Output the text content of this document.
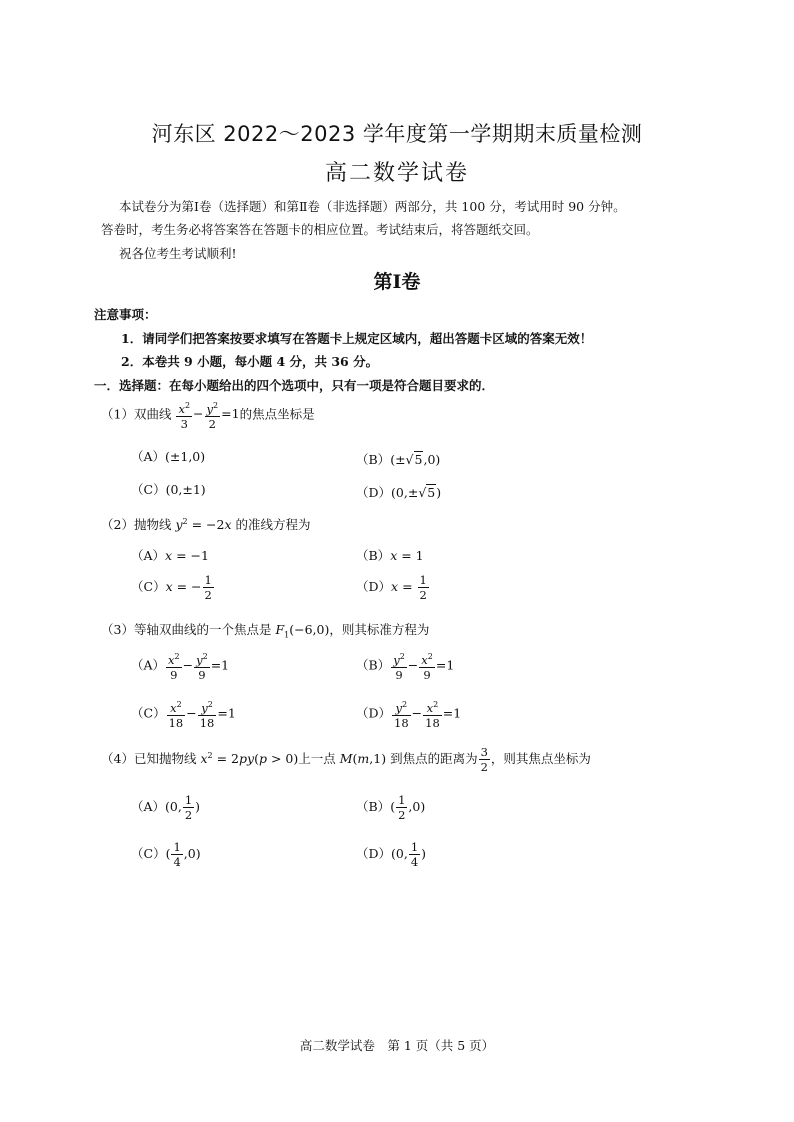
河东区 2022～2023 学年度第一学期期末质量检测
高二数学试卷
本试卷分为第Ⅰ卷（选择题）和第Ⅱ卷（非选择题）两部分，共 100 分，考试用时 90 分钟。
答卷时，考生务必将答案答在答题卡的相应位置。考试结束后，将答题纸交回。
祝各位考生考试顺利!
第Ⅰ卷
注意事项：
1．请同学们把答案按要求填写在答题卡上规定区域内，超出答题卡区域的答案无效！
2．本卷共 9 小题，每小题 4 分，共 36 分。
一．选择题：在每小题给出的四个选项中，只有一项是符合题目要求的．
（1）双曲线 $\frac{x^2}{3} - \frac{y^2}{2} =1$的焦点坐标是
（A）(±1,0)	（B）(±√5,0)
（C）(0,±1)	（D）(0,±√5)
（2）抛物线 $y^2 = -2x$ 的准线方程为
（A）x = −1	（B）x = 1
（C）x = − $\frac{1}{2}$	$(D)x = \frac{1}{2}$
（3）等轴双曲线的一个焦点是 $F_1(-6,0)$，则其标准方程为
$(A) \frac{x^2}{9} - \frac{y^2}{9} =1$	$(B) \frac{y^2}{9} - \frac{x^2}{9} =1$
$(C) \frac{x^2}{18} - \frac{y^2}{18} =1$	$(D) \frac{y^2}{18} - \frac{x^2}{18} =1$
（4）已知抛物线 $x^2 = 2py(p > 0)$上一点 M(m,1) 到焦点的距离为 $\frac{3}{2}$ ，则其焦点坐标为
（A）(0, $\frac{1}{2}$ )	$(B)( \frac{1}{2} ,0)$
$(C)( \frac{1}{4} ,0)$	（D）(0, $\frac{1}{4}$ )
高二数学试卷　第 1 页（共 5 页）
